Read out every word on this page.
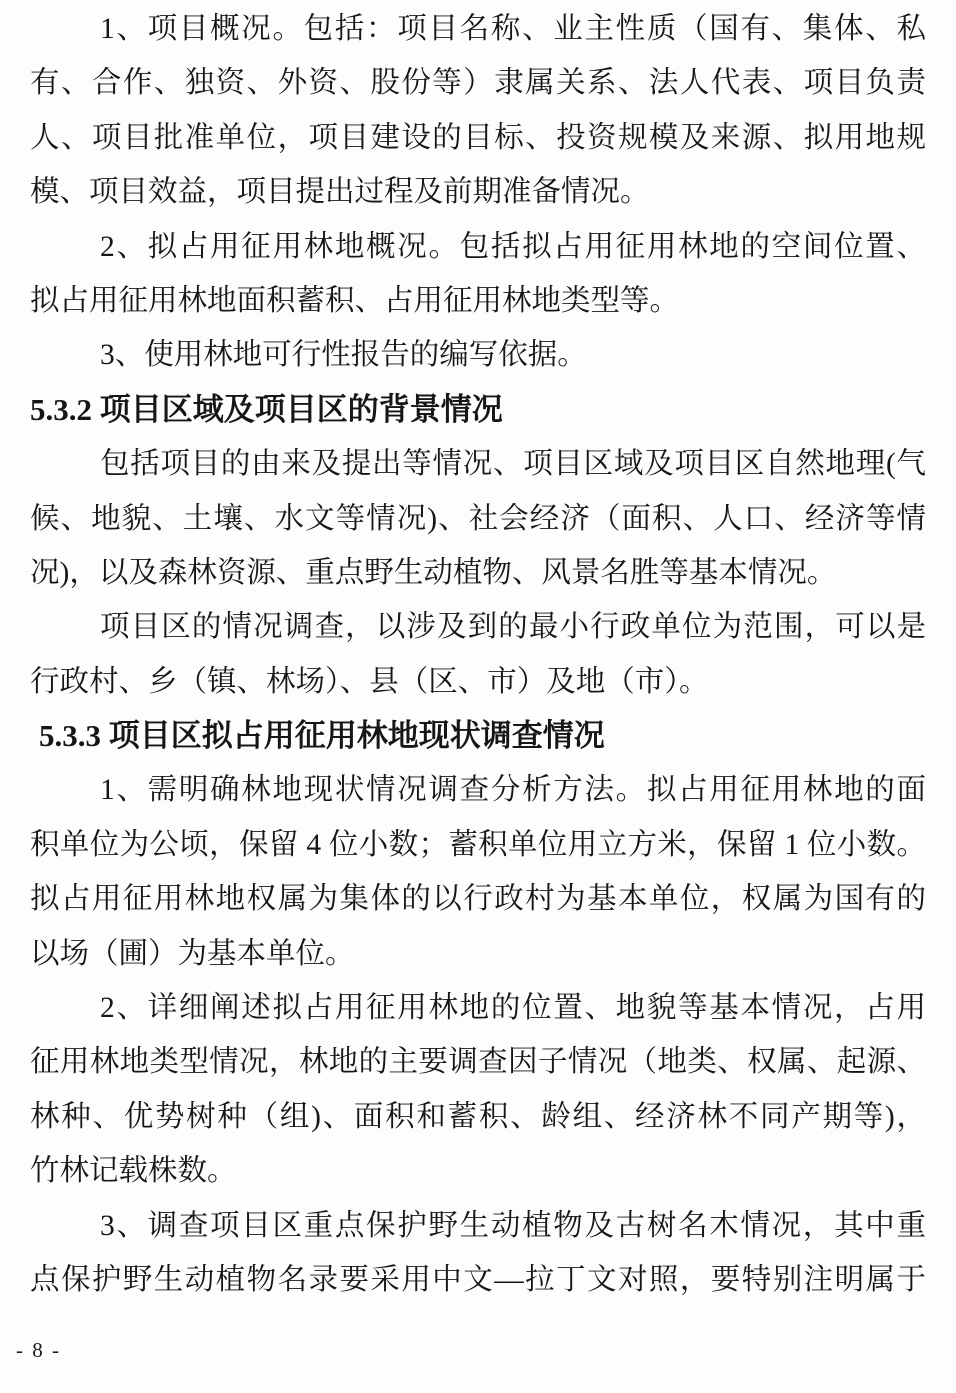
1、项目概况。包括：项目名称、业主性质（国有、集体、私
有、合作、独资、外资、股份等）隶属关系、法人代表、项目负责
人、项目批准单位，项目建设的目标、投资规模及来源、拟用地规
模、项目效益，项目提出过程及前期准备情况。
2、拟占用征用林地概况。包括拟占用征用林地的空间位置、
拟占用征用林地面积蓄积、占用征用林地类型等。
3、使用林地可行性报告的编写依据。
5.3.2 项目区域及项目区的背景情况
包括项目的由来及提出等情况、项目区域及项目区自然地理(气
候、地貌、土壤、水文等情况)、社会经济（面积、人口、经济等情
况)，以及森林资源、重点野生动植物、风景名胜等基本情况。
项目区的情况调查，以涉及到的最小行政单位为范围，可以是
行政村、乡（镇、林场）、县（区、市）及地（市）。
5.3.3 项目区拟占用征用林地现状调查情况
1、需明确林地现状情况调查分析方法。拟占用征用林地的面
积单位为公顷，保留 4 位小数；蓄积单位用立方米，保留 1 位小数。
拟占用征用林地权属为集体的以行政村为基本单位，权属为国有的
以场（圃）为基本单位。
2、详细阐述拟占用征用林地的位置、地貌等基本情况，占用
征用林地类型情况，林地的主要调查因子情况（地类、权属、起源、
林种、优势树种（组)、面积和蓄积、龄组、经济林不同产期等)，
竹林记载株数。
3、调查项目区重点保护野生动植物及古树名木情况，其中重
点保护野生动植物名录要采用中文—拉丁文对照，要特别注明属于
- 8 -
